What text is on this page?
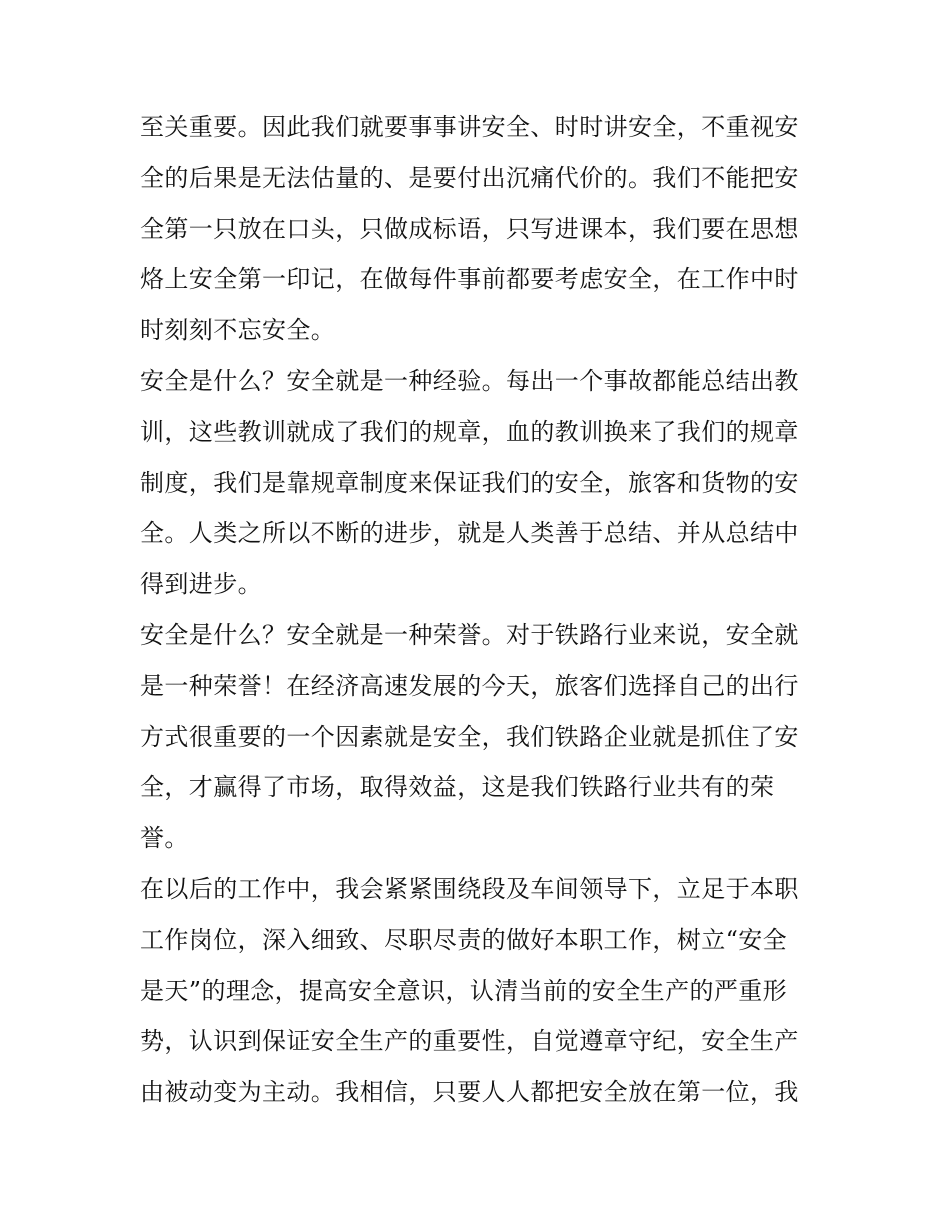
至关重要。因此我们就要事事讲安全、时时讲安全，不重视安
全的后果是无法估量的、是要付出沉痛代价的。我们不能把安
全第一只放在口头，只做成标语，只写进课本，我们要在思想
烙上安全第一印记，在做每件事前都要考虑安全，在工作中时
时刻刻不忘安全。
安全是什么？安全就是一种经验。每出一个事故都能总结出教
训，这些教训就成了我们的规章，血的教训换来了我们的规章
制度，我们是靠规章制度来保证我们的安全，旅客和货物的安
全。人类之所以不断的进步，就是人类善于总结、并从总结中
得到进步。
安全是什么？安全就是一种荣誉。对于铁路行业来说，安全就
是一种荣誉！在经济高速发展的今天，旅客们选择自己的出行
方式很重要的一个因素就是安全，我们铁路企业就是抓住了安
全，才赢得了市场，取得效益，这是我们铁路行业共有的荣
誉。
在以后的工作中，我会紧紧围绕段及车间领导下，立足于本职
工作岗位，深入细致、尽职尽责的做好本职工作，树立“安全
是天”的理念，提高安全意识，认清当前的安全生产的严重形
势，认识到保证安全生产的重要性，自觉遵章守纪，安全生产
由被动变为主动。我相信，只要人人都把安全放在第一位，我
